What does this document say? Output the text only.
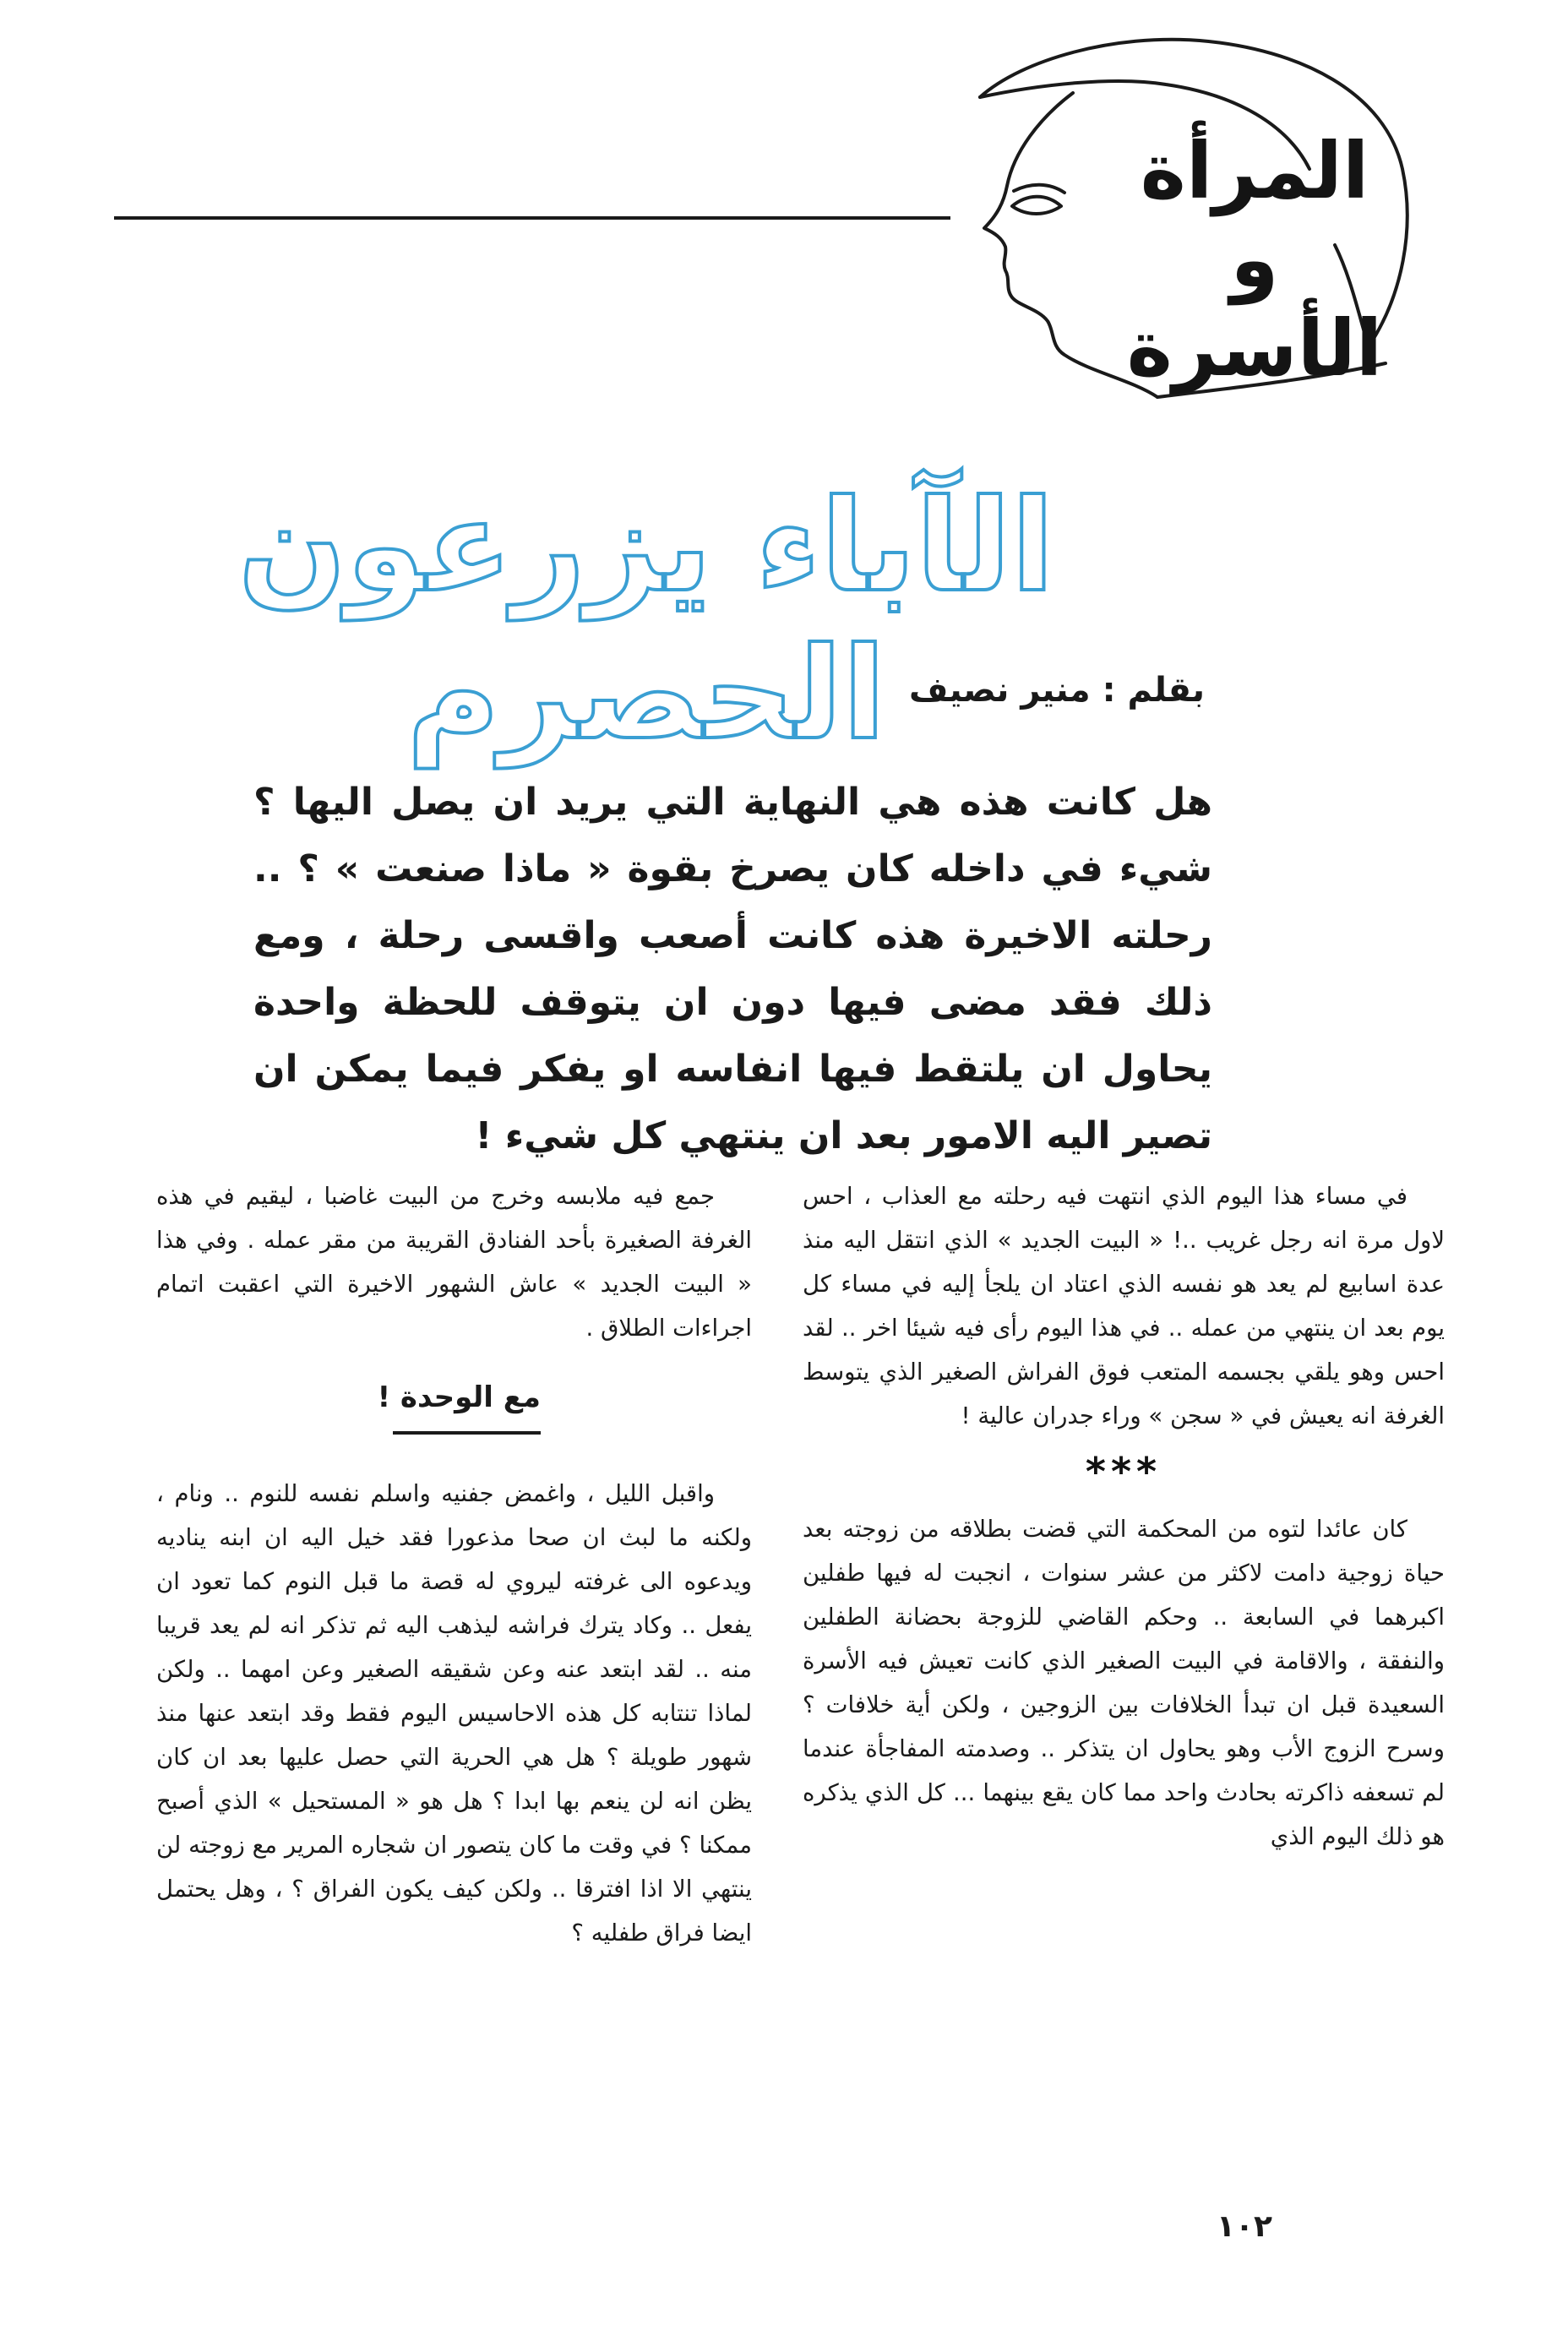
المرأة و
الأسرة
الآباء يزرعون الحصرم بقلم : منير نصيف
هل كانت هذه هي النهاية التي يريد ان يصل اليها ؟ شيء في داخله كان يصرخ بقوة « ماذا صنعت » ؟ .. رحلته الاخيرة هذه كانت أصعب واقسى رحلة ، ومع ذلك فقد مضى فيها دون ان يتوقف للحظة واحدة يحاول ان يلتقط فيها انفاسه او يفكر فيما يمكن ان تصير اليه الامور بعد ان ينتهي كل شيء !

في مساء هذا اليوم الذي انتهت فيه رحلته مع العذاب ، احس لاول مرة انه رجل غريب ..! « البيت الجديد » الذي انتقل اليه منذ عدة اسابيع لم يعد هو نفسه الذي اعتاد ان يلجأ إليه في مساء كل يوم بعد ان ينتهي من عمله .. في هذا اليوم رأى فيه شيئا اخر .. لقد احس وهو يلقي بجسمه المتعب فوق الفراش الصغير الذي يتوسط الغرفة انه يعيش في « سجن » وراء جدران عالية !

***

كان عائدا لتوه من المحكمة التي قضت بطلاقه من زوجته بعد حياة زوجية دامت لاكثر من عشر سنوات ، انجبت له فيها طفلين اكبرهما في السابعة .. وحكم القاضي للزوجة بحضانة الطفلين والنفقة ، والاقامة في البيت الصغير الذي كانت تعيش فيه الأسرة السعيدة قبل ان تبدأ الخلافات بين الزوجين ، ولكن أية خلافات ؟ وسرح الزوج الأب وهو يحاول ان يتذكر .. وصدمته المفاجأة عندما لم تسعفه ذاكرته بحادث واحد مما كان يقع بينهما ... كل الذي يذكره هو ذلك اليوم الذي

جمع فيه ملابسه وخرج من البيت غاضبا ، ليقيم في هذه الغرفة الصغيرة بأحد الفنادق القريبة من مقر عمله . وفي هذا « البيت الجديد » عاش الشهور الاخيرة التي اعقبت اتمام اجراءات الطلاق .

مع الوحدة !

واقبل الليل ، واغمض جفنيه واسلم نفسه للنوم .. ونام ، ولكنه ما لبث ان صحا مذعورا فقد خيل اليه ان ابنه يناديه ويدعوه الى غرفته ليروي له قصة ما قبل النوم كما تعود ان يفعل .. وكاد يترك فراشه ليذهب اليه ثم تذكر انه لم يعد قريبا منه .. لقد ابتعد عنه وعن شقيقه الصغير وعن امهما .. ولكن لماذا تنتابه كل هذه الاحاسيس اليوم فقط وقد ابتعد عنها منذ شهور طويلة ؟ هل هي الحرية التي حصل عليها بعد ان كان يظن انه لن ينعم بها ابدا ؟ هل هو « المستحيل » الذي أصبح ممكنا ؟ في وقت ما كان يتصور ان شجاره المرير مع زوجته لن ينتهي الا اذا افترقا .. ولكن كيف يكون الفراق ؟ ، وهل يحتمل ايضا فراق طفليه ؟

١٠٢
